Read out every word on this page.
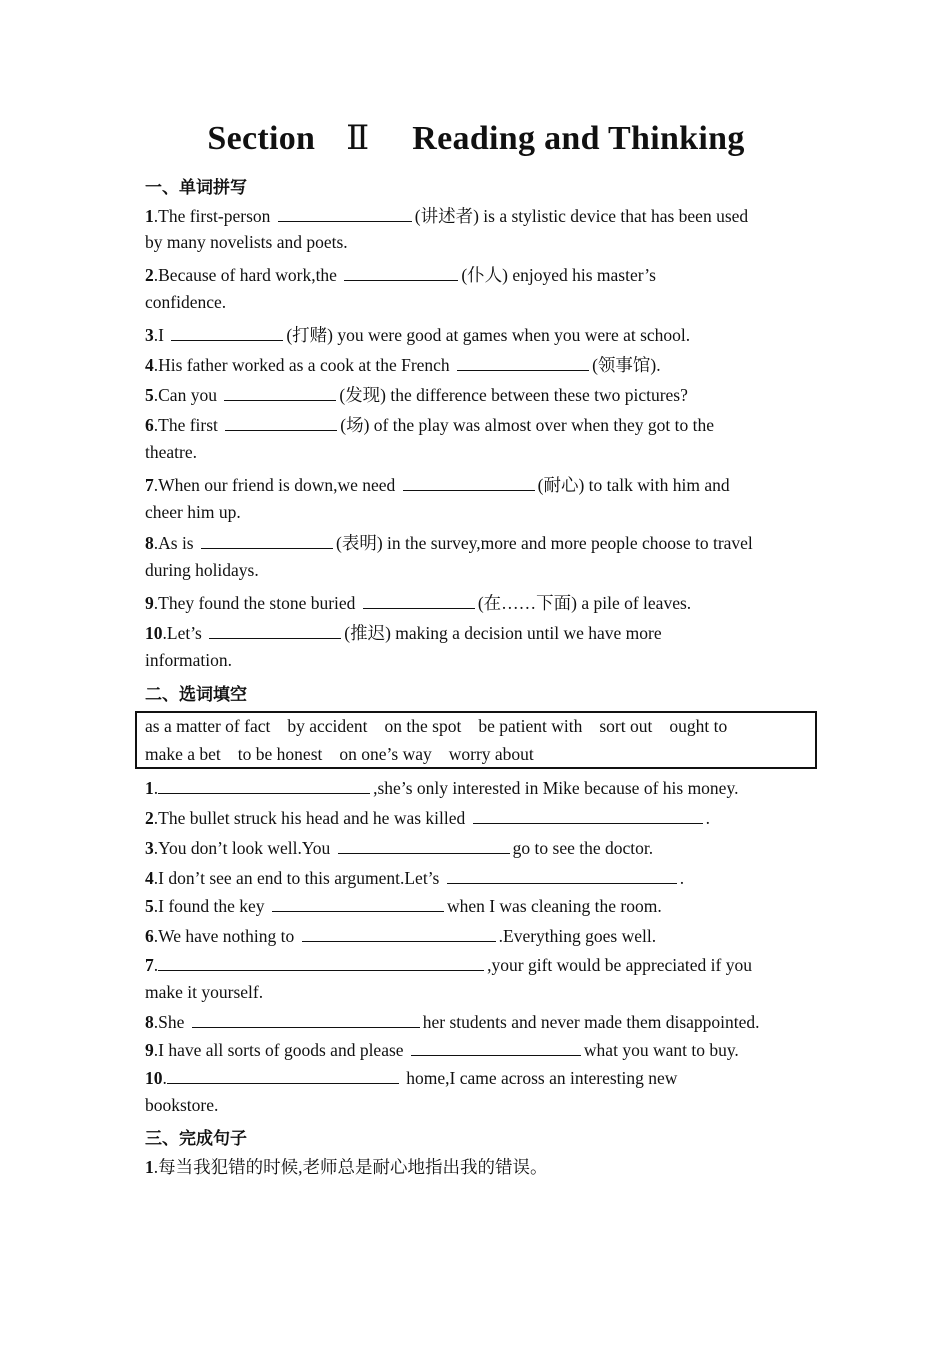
Section Ⅱ Reading and Thinking
一、单词拼写
1.The first-person	(讲述者) is a stylistic device that has been used
by many novelists and poets.
2.Because of hard work,the	(仆人) enjoyed his master’s
confidence.
3.I	(打赌) you were good at games when you were at school.
4.His father worked as a cook at the French	(领事馆).
5.Can you	(发现) the difference between these two pictures?
6.The first	(场) of the play was almost over when they got to the
theatre.
7.When our friend is down,we need	(耐心) to talk with him and
cheer him up.
8.As is	(表明) in the survey,more and more people choose to travel
during holidays.
9.They found the stone buried	(在……下面) a pile of leaves.
10.Let’s	(推迟) making a decision until we have more
information.
二、选词填空
as a matter of fact by accident on the spot be patient with sort out ought to
make a bet to be honest on one’s way worry about
1.	,she’s only interested in Mike because of his money.
2.The bullet struck his head and he was killed	.
3.You don’t look well.You	go to see the doctor.
4.I don’t see an end to this argument.Let’s	.
5.I found the key	when I was cleaning the room.
6.We have nothing to	.Everything goes well.
7.	,your gift would be appreciated if you
make it yourself.
8.She	her students and never made them disappointed.
9.I have all sorts of goods and please	what you want to buy.
10.	home,I came across an interesting new
bookstore.
三、完成句子
1.每当我犯错的时候,老师总是耐心地指出我的错误。
